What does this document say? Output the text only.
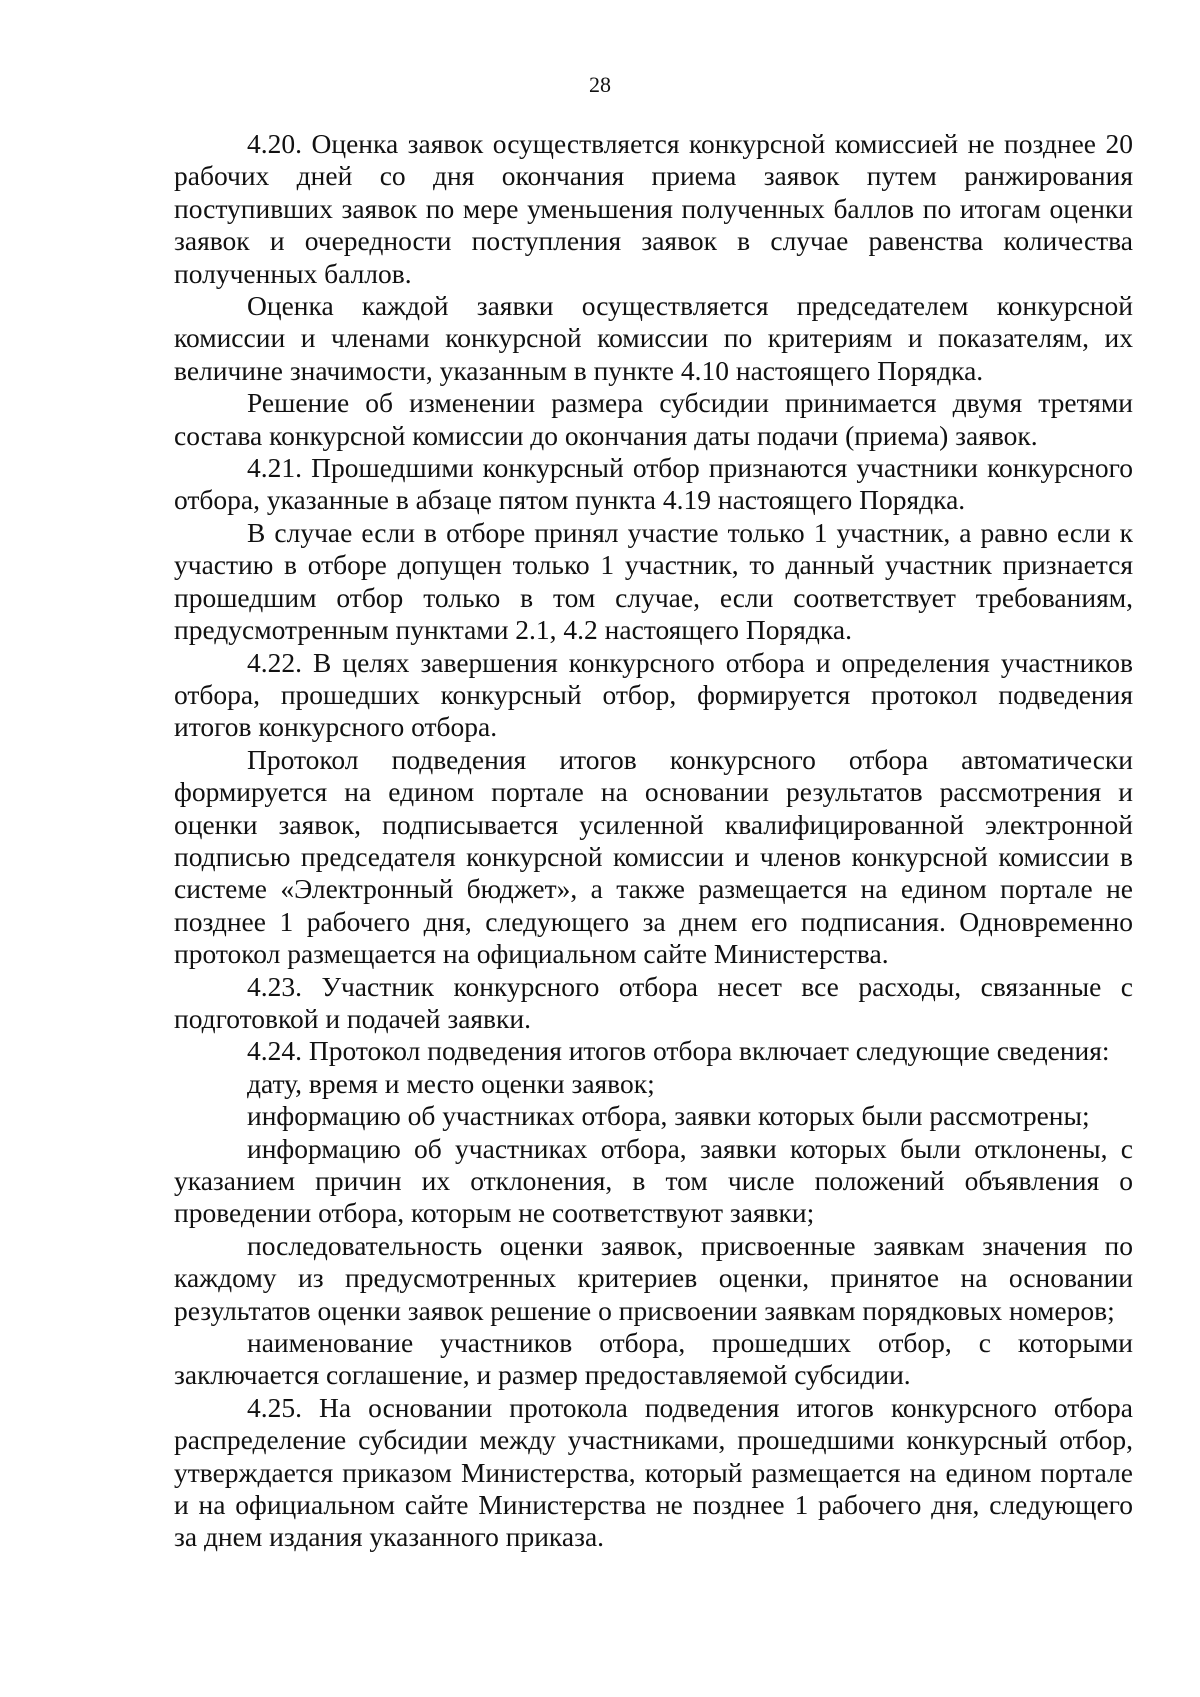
28

4.20. Оценка заявок осуществляется конкурсной комиссией не позднее 20 рабочих дней со дня окончания приема заявок путем ранжирования поступивших заявок по мере уменьшения полученных баллов по итогам оценки заявок и очередности поступления заявок в случае равенства количества полученных баллов.

Оценка каждой заявки осуществляется председателем конкурсной комиссии и членами конкурсной комиссии по критериям и показателям, их величине значимости, указанным в пункте 4.10 настоящего Порядка.

Решение об изменении размера субсидии принимается двумя третями состава конкурсной комиссии до окончания даты подачи (приема) заявок.

4.21. Прошедшими конкурсный отбор признаются участники конкурсного отбора, указанные в абзаце пятом пункта 4.19 настоящего Порядка.

В случае если в отборе принял участие только 1 участник, а равно если к участию в отборе допущен только 1 участник, то данный участник признается прошедшим отбор только в том случае, если соответствует требованиям, предусмотренным пунктами 2.1, 4.2 настоящего Порядка.

4.22. В целях завершения конкурсного отбора и определения участников отбора, прошедших конкурсный отбор, формируется протокол подведения итогов конкурсного отбора.

Протокол подведения итогов конкурсного отбора автоматически формируется на едином портале на основании результатов рассмотрения и оценки заявок, подписывается усиленной квалифицированной электронной подписью председателя конкурсной комиссии и членов конкурсной комиссии в системе «Электронный бюджет», а также размещается на едином портале не позднее 1 рабочего дня, следующего за днем его подписания. Одновременно протокол размещается на официальном сайте Министерства.

4.23. Участник конкурсного отбора несет все расходы, связанные с подготовкой и подачей заявки.

4.24. Протокол подведения итогов отбора включает следующие сведения:

дату, время и место оценки заявок;

информацию об участниках отбора, заявки которых были рассмотрены;

информацию об участниках отбора, заявки которых были отклонены, с указанием причин их отклонения, в том числе положений объявления о проведении отбора, которым не соответствуют заявки;

последовательность оценки заявок, присвоенные заявкам значения по каждому из предусмотренных критериев оценки, принятое на основании результатов оценки заявок решение о присвоении заявкам порядковых номеров;

наименование участников отбора, прошедших отбор, с которыми заключается соглашение, и размер предоставляемой субсидии.

4.25. На основании протокола подведения итогов конкурсного отбора распределение субсидии между участниками, прошедшими конкурсный отбор, утверждается приказом Министерства, который размещается на едином портале и на официальном сайте Министерства не позднее 1 рабочего дня, следующего за днем издания указанного приказа.
